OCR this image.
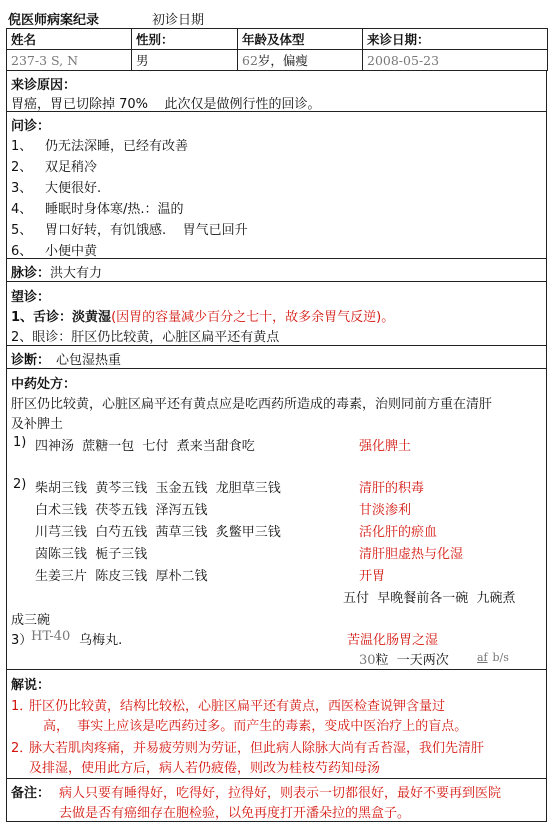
倪医师病案纪录	初诊日期
姓名	性别：	年龄及体型	来诊日期：
237-3 S, N	男	62岁，偏瘦	2008-05-23
来诊原因：
胃癌，胃已切除掉 70%    此次仅是做例行性的回诊。
问诊：
1、 仍无法深睡，已经有改善
2、 双足稍冷
3、 大便很好.
4、 睡眠时身体寒/热.：温的
5、 胃口好转，有饥饿感.    胃气已回升
6、 小便中黄
脉诊：洪大有力
望诊：
1、舌诊：淡黄湿(因胃的容量减少百分之七十，故多余胃气反逆)。
2、眼诊：肝区仍比较黄，心脏区扁平还有黄点
诊断： 心包湿热重
中药处方：
肝区仍比较黄，心脏区扁平还有黄点应是吃西药所造成的毒素，治则同前方重在清肝
及补脾土
1) 四神汤  蔗糖一包  七付  煮来当甜食吃	强化脾土
2) 柴胡三钱  黄芩三钱  玉金五钱  龙胆草三钱	清肝的积毒
白术三钱  茯苓五钱  泽泻五钱	甘淡渗利
川芎三钱  白芍五钱  茜草三钱  炙鳖甲三钱	活化肝的瘀血
茵陈三钱  栀子三钱	清肝胆虚热与化湿
生姜三片  陈皮三钱  厚朴二钱	开胃
五付  早晚餐前各一碗  九碗煮
成三碗
3）
HT-40 乌梅丸.	苦温化肠胃之湿
30粒  一天两次	af b/s
解说：
1．
肝区仍比较黄，结构比较松，心脏区扁平还有黄点，西医检查说钾含量过
高，  事实上应该是吃西药过多。而产生的毒素，变成中医治疗上的盲点。
2．
脉大若肌肉疼痛，并易疲劳则为劳证，但此病人除脉大尚有舌苔湿，我们先清肝
及排湿，使用此方后，病人若仍疲倦，则改为桂枝芍药知母汤
备注： 病人只要有睡得好，吃得好，拉得好，则表示一切都很好，最好不要再到医院
去做是否有癌细存在胞检验，以免再度打开潘朵拉的黑盒子。
